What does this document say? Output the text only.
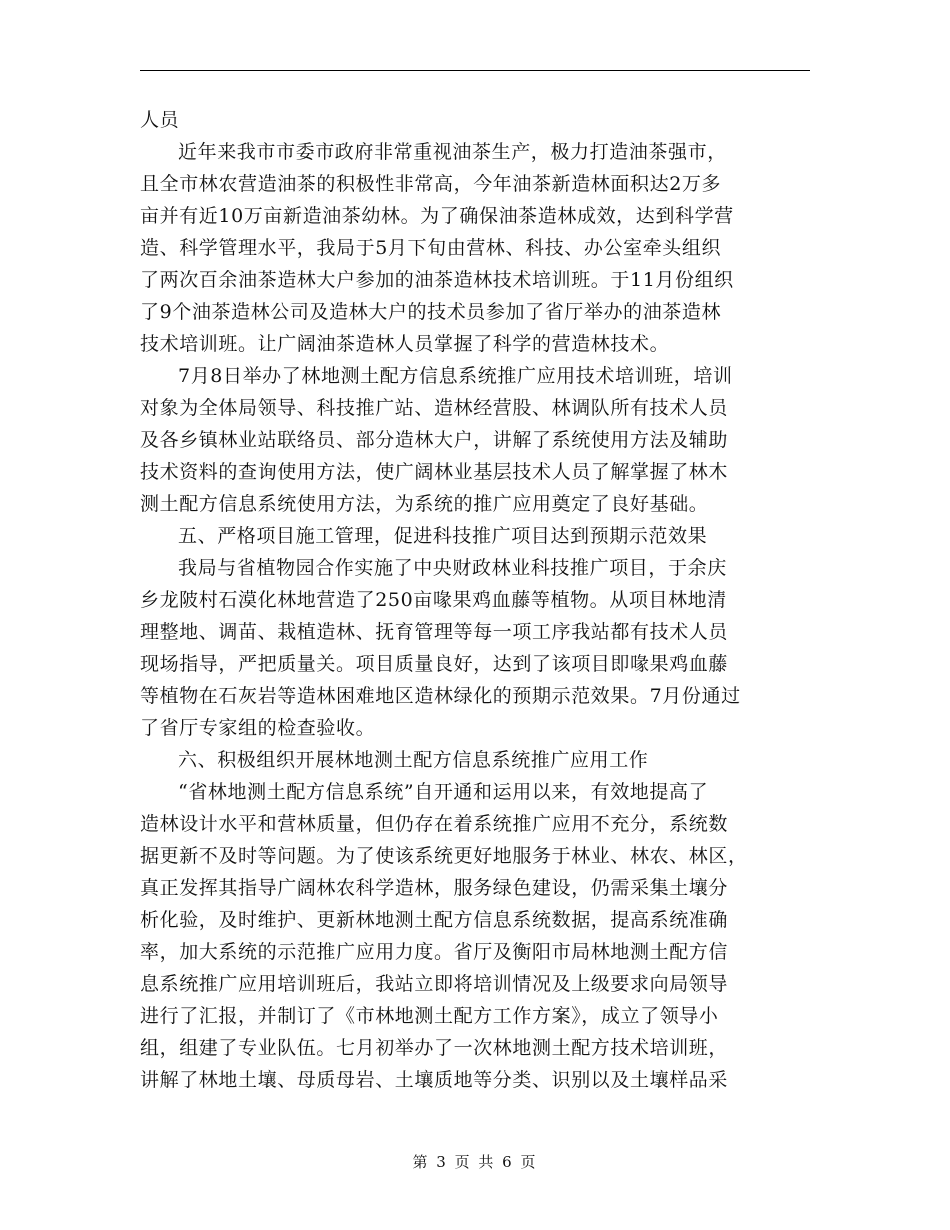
人员
近年来我市市委市政府非常重视油茶生产，极力打造油茶强市，
且全市林农营造油茶的积极性非常高，今年油茶新造林面积达2万多
亩并有近10万亩新造油茶幼林。为了确保油茶造林成效，达到科学营
造、科学管理水平，我局于5月下旬由营林、科技、办公室牵头组织
了两次百余油茶造林大户参加的油茶造林技术培训班。于11月份组织
了9个油茶造林公司及造林大户的技术员参加了省厅举办的油茶造林
技术培训班。让广阔油茶造林人员掌握了科学的营造林技术。
7月8日举办了林地测土配方信息系统推广应用技术培训班，培训
对象为全体局领导、科技推广站、造林经营股、林调队所有技术人员
及各乡镇林业站联络员、部分造林大户，讲解了系统使用方法及辅助
技术资料的查询使用方法，使广阔林业基层技术人员了解掌握了林木
测土配方信息系统使用方法，为系统的推广应用奠定了良好基础。
五、严格项目施工管理，促进科技推广项目达到预期示范效果
我局与省植物园合作实施了中央财政林业科技推广项目，于余庆
乡龙陂村石漠化林地营造了250亩喙果鸡血藤等植物。从项目林地清
理整地、调苗、栽植造林、抚育管理等每一项工序我站都有技术人员
现场指导，严把质量关。项目质量良好，达到了该项目即喙果鸡血藤
等植物在石灰岩等造林困难地区造林绿化的预期示范效果。7月份通过
了省厅专家组的检查验收。
六、积极组织开展林地测土配方信息系统推广应用工作
“省林地测土配方信息系统”自开通和运用以来，有效地提高了
造林设计水平和营林质量，但仍存在着系统推广应用不充分，系统数
据更新不及时等问题。为了使该系统更好地服务于林业、林农、林区，
真正发挥其指导广阔林农科学造林，服务绿色建设，仍需采集土壤分
析化验，及时维护、更新林地测土配方信息系统数据，提高系统准确
率，加大系统的示范推广应用力度。省厅及衡阳市局林地测土配方信
息系统推广应用培训班后，我站立即将培训情况及上级要求向局领导
进行了汇报，并制订了《市林地测土配方工作方案》，成立了领导小
组，组建了专业队伍。七月初举办了一次林地测土配方技术培训班，
讲解了林地土壤、母质母岩、土壤质地等分类、识别以及土壤样品采
第 3 页 共 6 页
